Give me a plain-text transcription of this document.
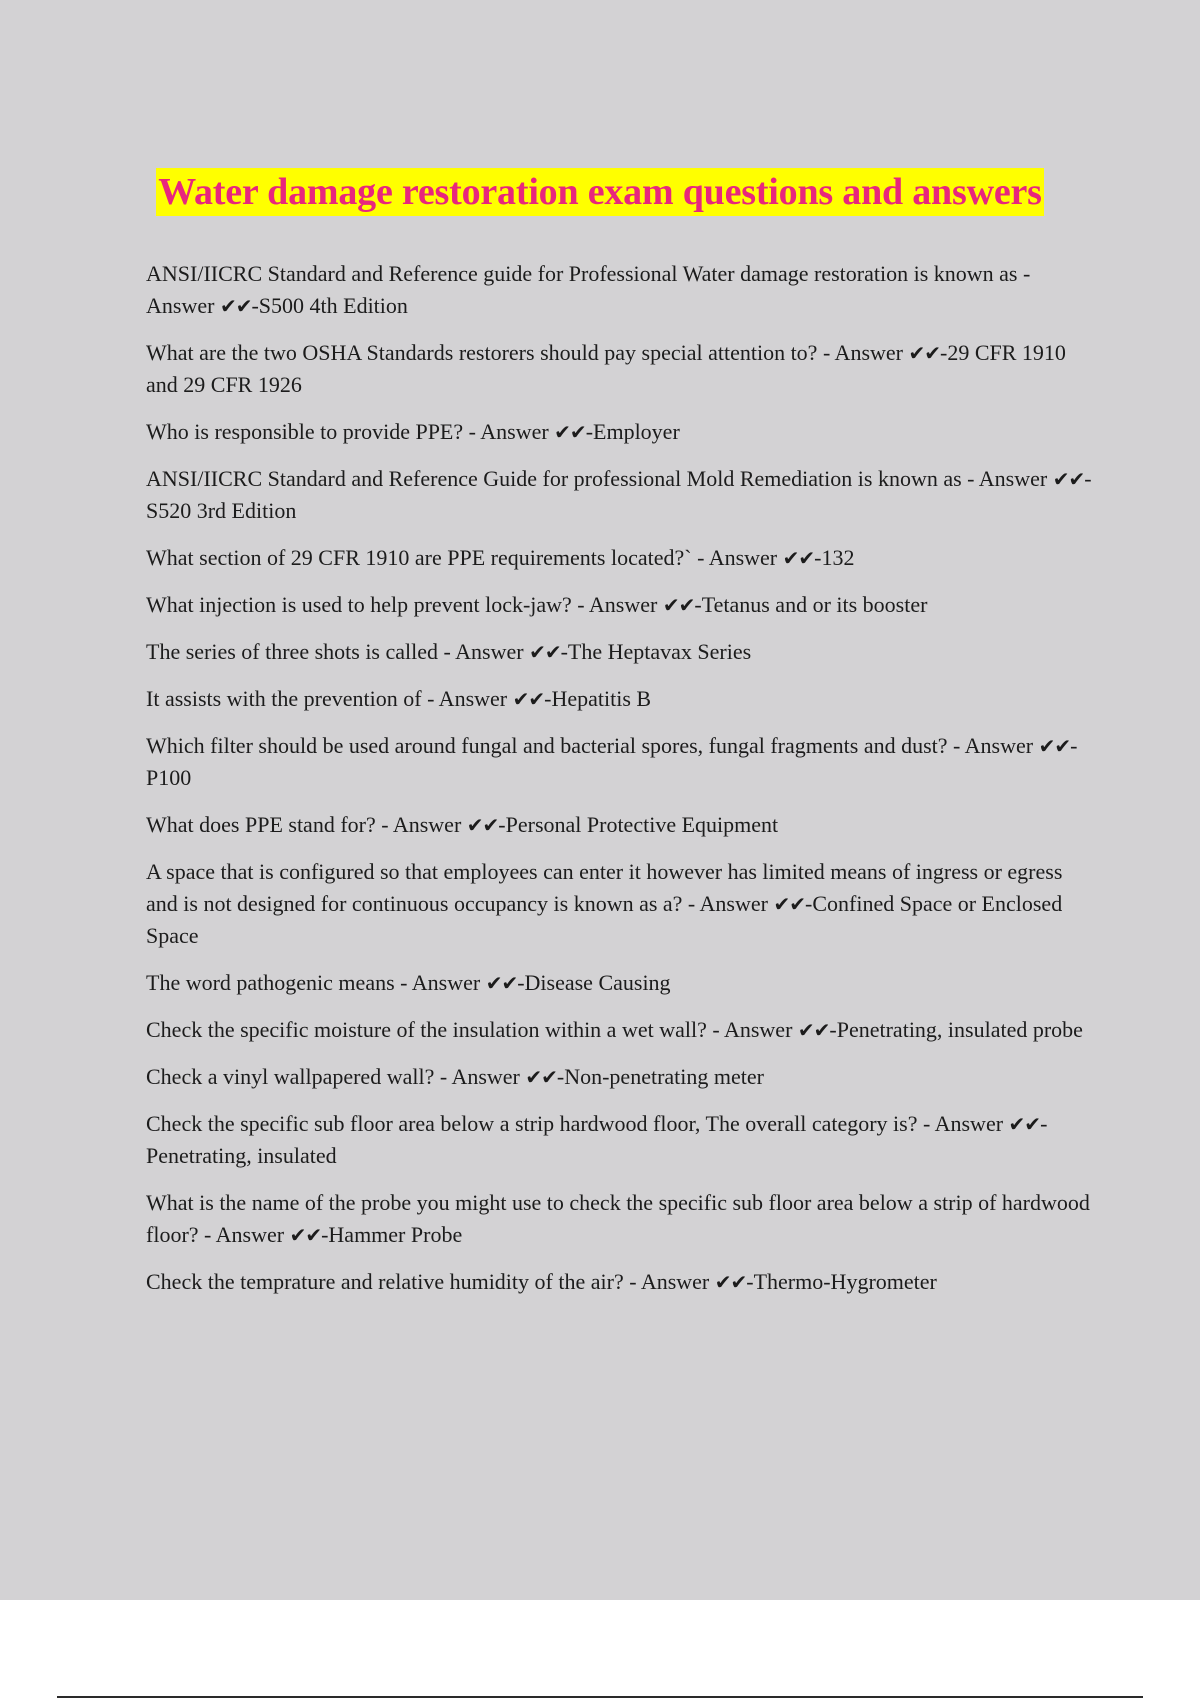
Water damage restoration exam questions and answers
ANSI/IICRC Standard and Reference guide for Professional Water damage restoration is known as - Answer ✔✔-S500 4th Edition
What are the two OSHA Standards restorers should pay special attention to? - Answer ✔✔-29 CFR 1910 and 29 CFR 1926
Who is responsible to provide PPE? - Answer ✔✔-Employer
ANSI/IICRC Standard and Reference Guide for professional Mold Remediation is known as - Answer ✔✔-S520 3rd Edition
What section of 29 CFR 1910 are PPE requirements located?` - Answer ✔✔-132
What injection is used to help prevent lock-jaw? - Answer ✔✔-Tetanus and or its booster
The series of three shots is called - Answer ✔✔-The Heptavax Series
It assists with the prevention of - Answer ✔✔-Hepatitis B
Which filter should be used around fungal and bacterial spores, fungal fragments and dust? - Answer ✔✔-P100
What does PPE stand for? - Answer ✔✔-Personal Protective Equipment
A space that is configured so that employees can enter it however has limited means of ingress or egress and is not designed for continuous occupancy is known as a? - Answer ✔✔-Confined Space or Enclosed Space
The word pathogenic means - Answer ✔✔-Disease Causing
Check the specific moisture of the insulation within a wet wall? - Answer ✔✔-Penetrating, insulated probe
Check a vinyl wallpapered wall? - Answer ✔✔-Non-penetrating meter
Check the specific sub floor area below a strip hardwood floor, The overall category is? - Answer ✔✔-Penetrating, insulated
What is the name of the probe you might use to check the specific sub floor area below a strip of hardwood floor? - Answer ✔✔-Hammer Probe
Check the temprature and relative humidity of the air? - Answer ✔✔-Thermo-Hygrometer
